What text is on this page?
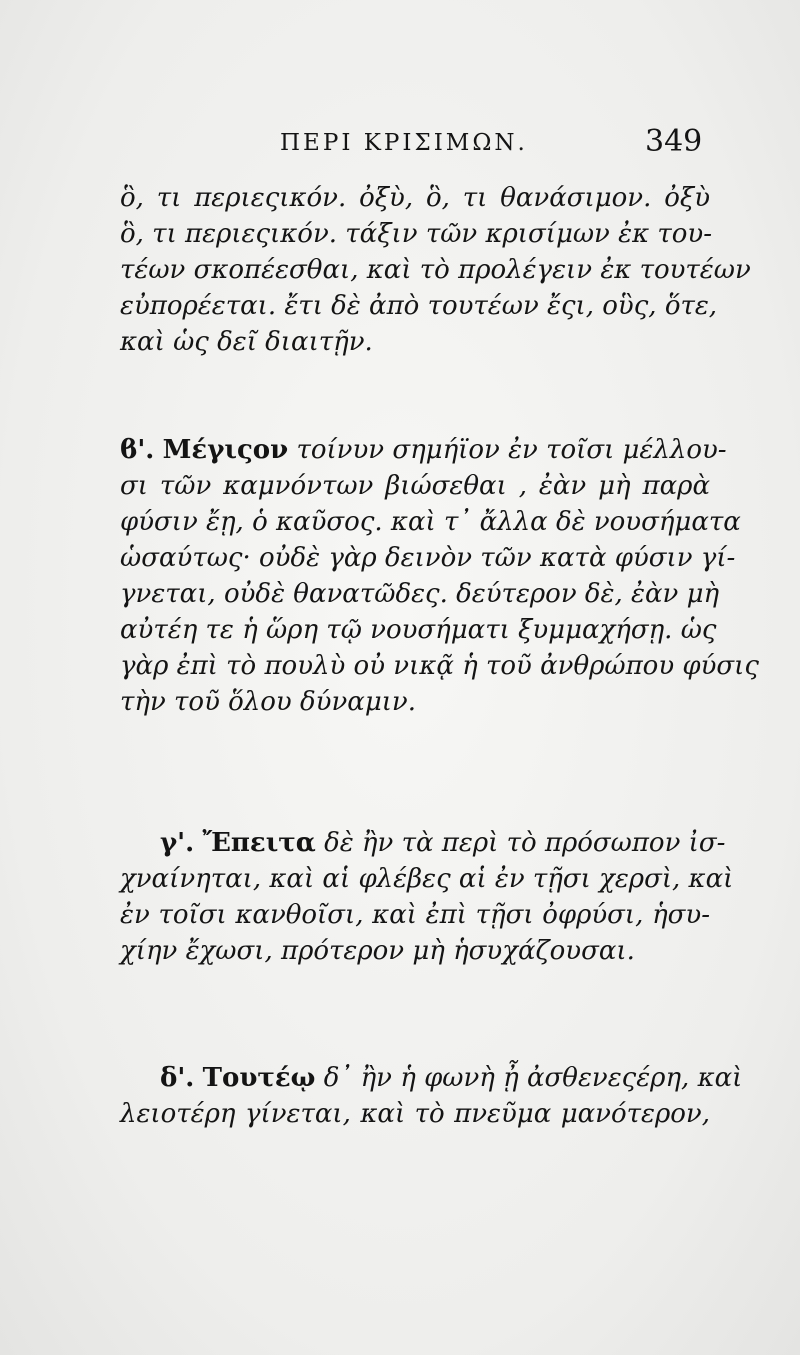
ΠΕΡΙ ΚΡΙΣΙΜΩΝ.	349
ὃ, τι περιεςικόν. ὀξὺ, ὃ, τι θανάσιμον. ὀξὺ
ὃ, τι περιεςικόν. τάξιν τῶν κρισίμων ἐκ του-
τέων σκοπέεσθαι, καὶ τὸ προλέγειν ἐκ τουτέων
εὐπορέεται. ἔτι δὲ ἀπὸ τουτέων ἔςι, οὓς, ὅτε,
καὶ ὡς δεῖ διαιτῇν.
ϐ'. Μέγιςον τοίνυν σημήϊον ἐν τοῖσι μέλλου-
σι τῶν καμνόντων βιώσεθαι , ἐὰν μὴ παρὰ
φύσιν ἔῃ, ὁ καῦσος. καὶ τ᾽ ἄλλα δὲ νουσήματα
ὡσαύτως· οὐδὲ γὰρ δεινὸν τῶν κατὰ φύσιν γί-
γνεται, οὐδὲ θανατῶδες. δεύτερον δὲ, ἐὰν μὴ
αὐτέη τε ἡ ὥρη τῷ νουσήματι ξυμμαχήσῃ. ὡς
γὰρ ἐπὶ τὸ πουλὺ οὐ νικᾷ ἡ τοῦ ἀνθρώπου φύσις
τὴν τοῦ ὅλου δύναμιν.
γ'. Ἔπειτα δὲ ἢν τὰ περὶ τὸ πρόσωπον ἰσ-
χναίνηται, καὶ αἱ φλέβες αἱ ἐν τῇσι χερσὶ, καὶ
ἐν τοῖσι κανθοῖσι, καὶ ἐπὶ τῇσι ὀφρύσι, ἡσυ-
χίην ἔχωσι, πρότερον μὴ ἡσυχάζουσαι.
δ'. Τουτέῳ δ᾽ ἢν ἡ φωνὴ ᾖ ἀσθενεςέρη, καὶ
λειοτέρη γίνεται, καὶ τὸ πνεῦμα μανότερον,
